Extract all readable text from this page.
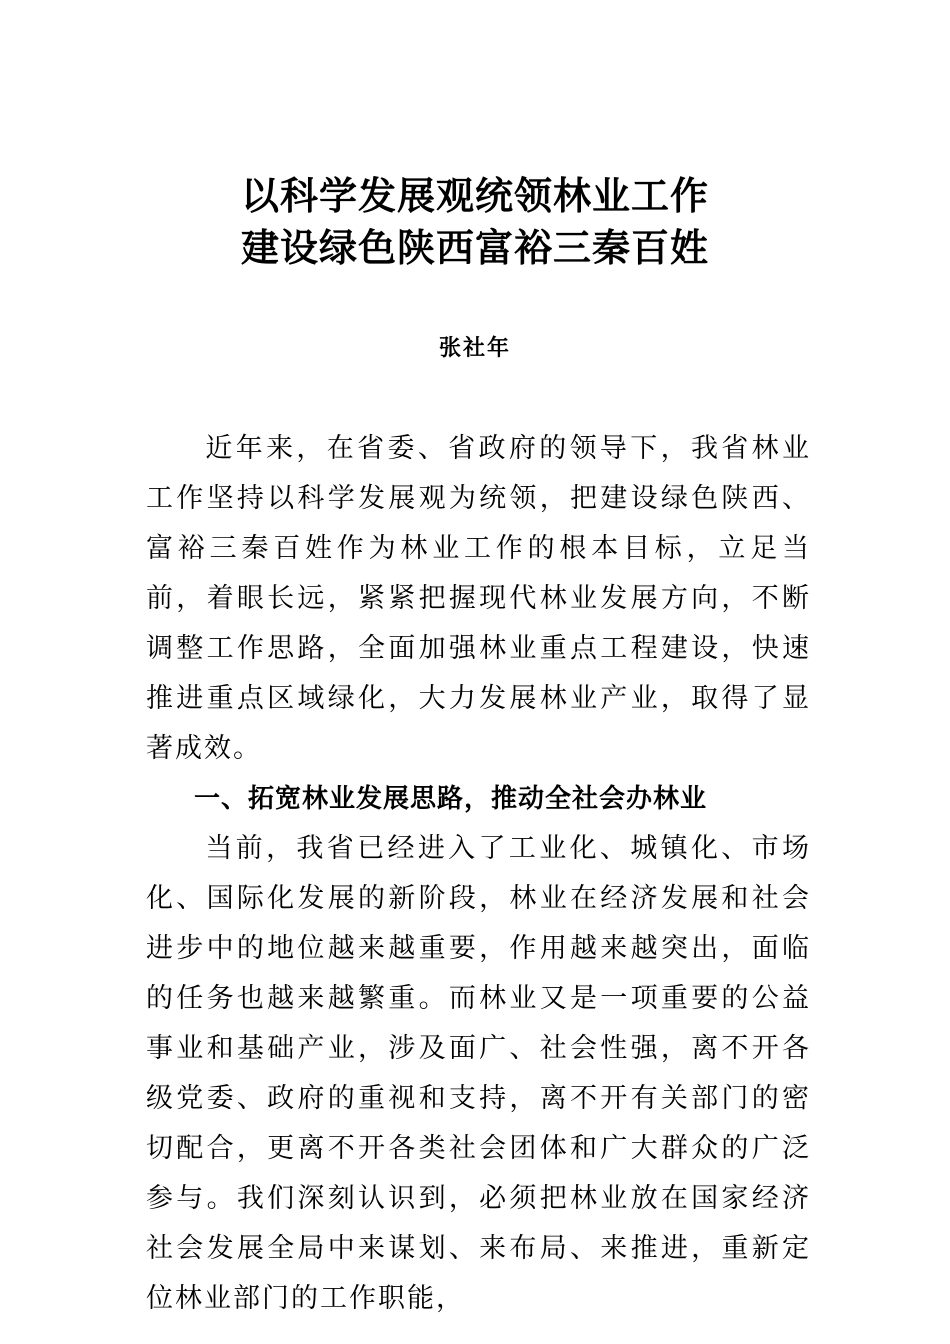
以科学发展观统领林业工作
建设绿色陕西富裕三秦百姓
张社年

近年来，在省委、省政府的领导下，我省林业工作坚持以科学发展观为统领，把建设绿色陕西、富裕三秦百姓作为林业工作的根本目标，立足当前，着眼长远，紧紧把握现代林业发展方向，不断调整工作思路，全面加强林业重点工程建设，快速推进重点区域绿化，大力发展林业产业，取得了显著成效。

一、拓宽林业发展思路，推动全社会办林业

当前，我省已经进入了工业化、城镇化、市场化、国际化发展的新阶段，林业在经济发展和社会进步中的地位越来越重要，作用越来越突出，面临的任务也越来越繁重。而林业又是一项重要的公益事业和基础产业，涉及面广、社会性强，离不开各级党委、政府的重视和支持，离不开有关部门的密切配合，更离不开各类社会团体和广大群众的广泛参与。我们深刻认识到，必须把林业放在国家经济社会发展全局中来谋划、来布局、来推进，重新定位林业部门的工作职能，
